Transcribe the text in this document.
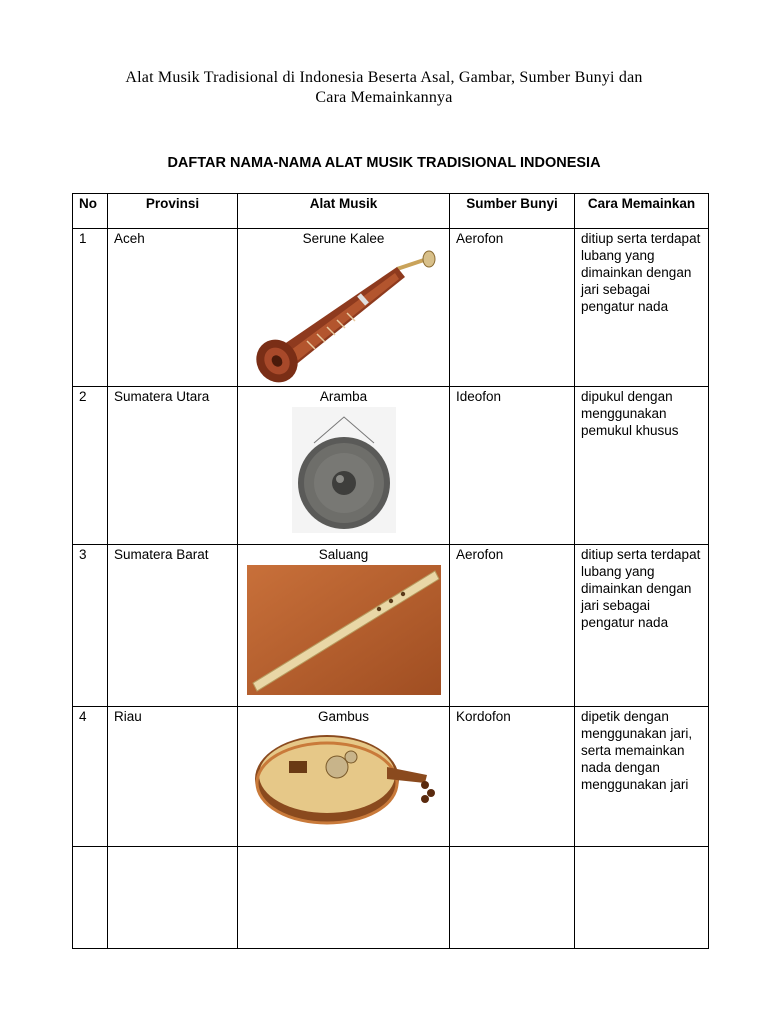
Alat Musik Tradisional di Indonesia Beserta Asal, Gambar, Sumber Bunyi dan
Cara Memainkannya
DAFTAR NAMA-NAMA ALAT MUSIK TRADISIONAL INDONESIA
No	Provinsi	Alat Musik	Sumber Bunyi	Cara Memainkan
1	Aceh	Serune Kalee	Aerofon	ditiup serta terdapat lubang yang dimainkan dengan jari sebagai pengatur nada
2	Sumatera Utara	Aramba	Ideofon	dipukul dengan menggunakan pemukul khusus
3	Sumatera Barat	Saluang	Aerofon	ditiup serta terdapat lubang yang dimainkan dengan jari sebagai pengatur nada
4	Riau	Gambus	Kordofon	dipetik dengan menggunakan jari, serta memainkan nada dengan menggunakan jari
